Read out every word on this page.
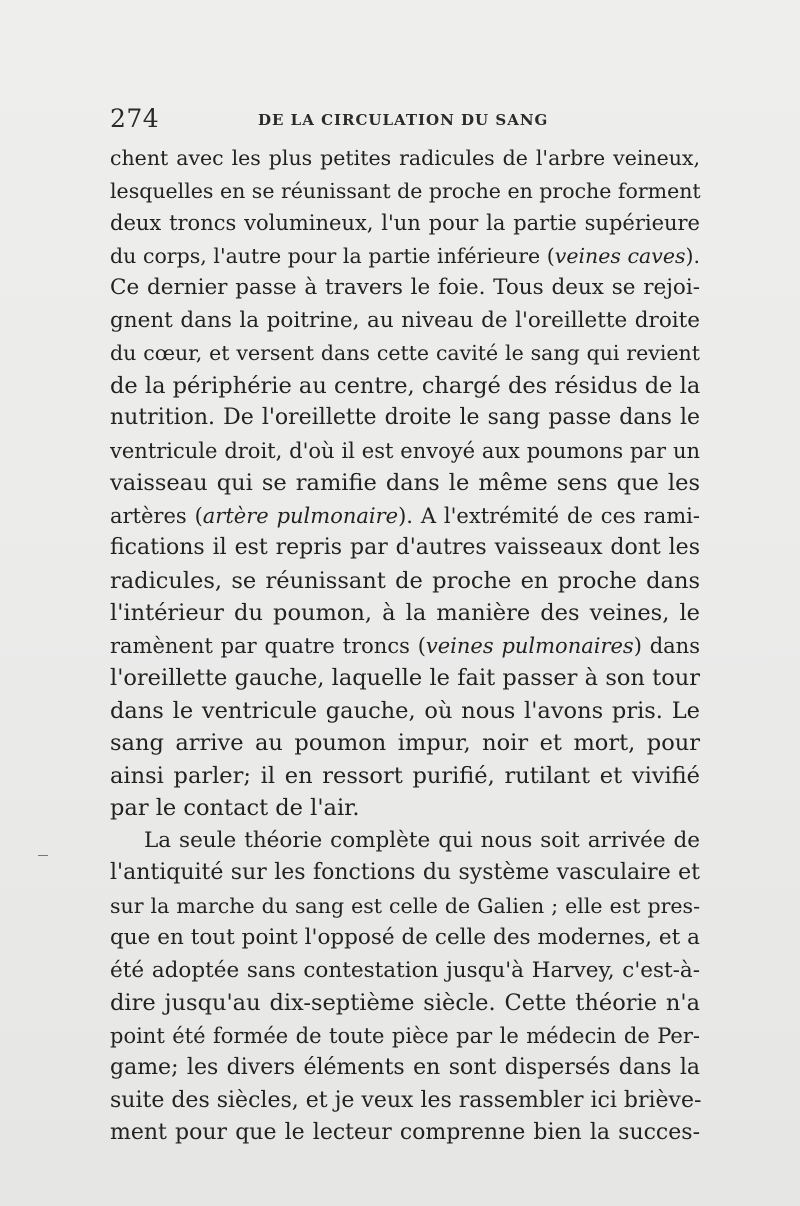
274	DE LA CIRCULATION DU SANG
chent avec les plus petites radicules de l'arbre veineux,
lesquelles en se réunissant de proche en proche forment
deux troncs volumineux, l'un pour la partie supérieure
du corps, l'autre pour la partie inférieure (veines caves).
Ce dernier passe à travers le foie. Tous deux se rejoi-
gnent dans la poitrine, au niveau de l'oreillette droite
du cœur, et versent dans cette cavité le sang qui revient
de la périphérie au centre, chargé des résidus de la
nutrition. De l'oreillette droite le sang passe dans le
ventricule droit, d'où il est envoyé aux poumons par un
vaisseau qui se ramifie dans le même sens que les
artères (artère pulmonaire). A l'extrémité de ces rami-
fications il est repris par d'autres vaisseaux dont les
radicules, se réunissant de proche en proche dans
l'intérieur du poumon, à la manière des veines, le
ramènent par quatre troncs (veines pulmonaires) dans
l'oreillette gauche, laquelle le fait passer à son tour
dans le ventricule gauche, où nous l'avons pris. Le
sang arrive au poumon impur, noir et mort, pour
ainsi parler; il en ressort purifié, rutilant et vivifié
par le contact de l'air.
La seule théorie complète qui nous soit arrivée de
l'antiquité sur les fonctions du système vasculaire et
sur la marche du sang est celle de Galien ; elle est pres-
que en tout point l'opposé de celle des modernes, et a
été adoptée sans contestation jusqu'à Harvey, c'est-à-
dire jusqu'au dix-septième siècle. Cette théorie n'a
point été formée de toute pièce par le médecin de Per-
game; les divers éléments en sont dispersés dans la
suite des siècles, et je veux les rassembler ici briève-
ment pour que le lecteur comprenne bien la succes-
